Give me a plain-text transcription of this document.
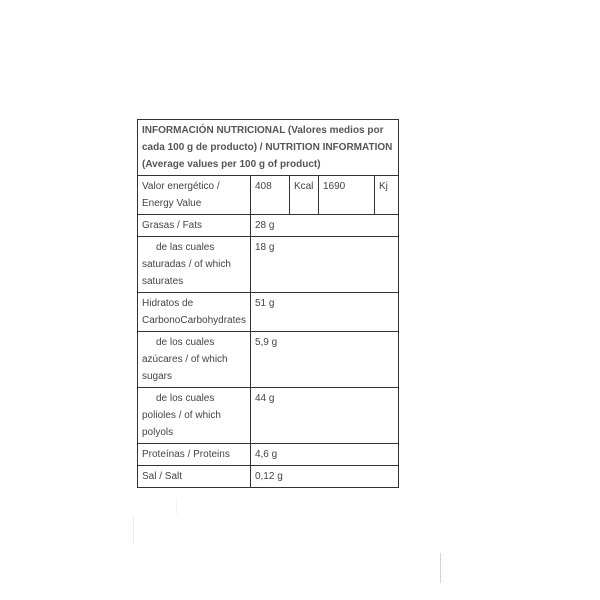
INFORMACIÓN NUTRICIONAL (Valores medios por cada 100 g de producto) / NUTRITION INFORMATION (Average values per 100 g of product)				
Valor energético / Energy Value	408	Kcal	1690	Kj
Grasas / Fats	28 g			
de las cuales saturadas / of which saturates	18 g			
Hidratos de CarbonoCarbohydrates	51 g			
de los cuales azúcares / of which sugars	5,9 g			
de los cuales polioles / of which polyols	44 g			
Proteínas / Proteins	4,6 g			
Sal / Salt	0,12 g			
